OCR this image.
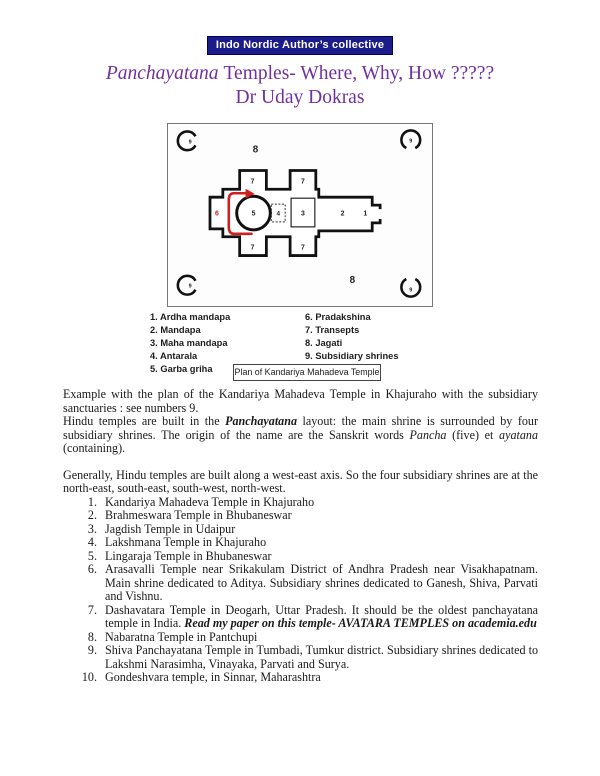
Indo Nordic Author’s collective
Panchayatana Temples- Where, Why, How ?????
Dr Uday Dokras
7	7
7	7
6	5	4	3	2	1
8
8
9	9
9
9
1. Ardha mandapa
2. Mandapa
3. Maha mandapa
4. Antarala
5. Garba griha
6. Pradakshina
7. Transepts
8. Jagati
9. Subsidiary shrines
Plan of Kandariya Mahadeva Temple

Example with the plan of the Kandariya Mahadeva Temple in Khajuraho with the subsidiary sanctuaries : see numbers 9.

Hindu temples are built in the Panchayatana layout: the main shrine is surrounded by four subsidiary shrines. The origin of the name are the Sanskrit words Pancha (five) et ayatana (containing).

Generally, Hindu temples are built along a west-east axis. So the four subsidiary shrines are at the north-east, south-east, south-west, north-west.

1. Kandariya Mahadeva Temple in Khajuraho
2. Brahmeswara Temple in Bhubaneswar
3. Jagdish Temple in Udaipur
4. Lakshmana Temple in Khajuraho
5. Lingaraja Temple in Bhubaneswar
6. Arasavalli Temple near Srikakulam District of Andhra Pradesh near Visakhapatnam. Main shrine dedicated to Aditya. Subsidiary shrines dedicated to Ganesh, Shiva, Parvati and Vishnu.
7. Dashavatara Temple in Deogarh, Uttar Pradesh. It should be the oldest panchayatana temple in India. Read my paper on this temple- AVATARA TEMPLES on academia.edu
8. Nabaratna Temple in Pantchupi
9. Shiva Panchayatana Temple in Tumbadi, Tumkur district. Subsidiary shrines dedicated to Lakshmi Narasimha, Vinayaka, Parvati and Surya.
10. Gondeshvara temple, in Sinnar, Maharashtra
